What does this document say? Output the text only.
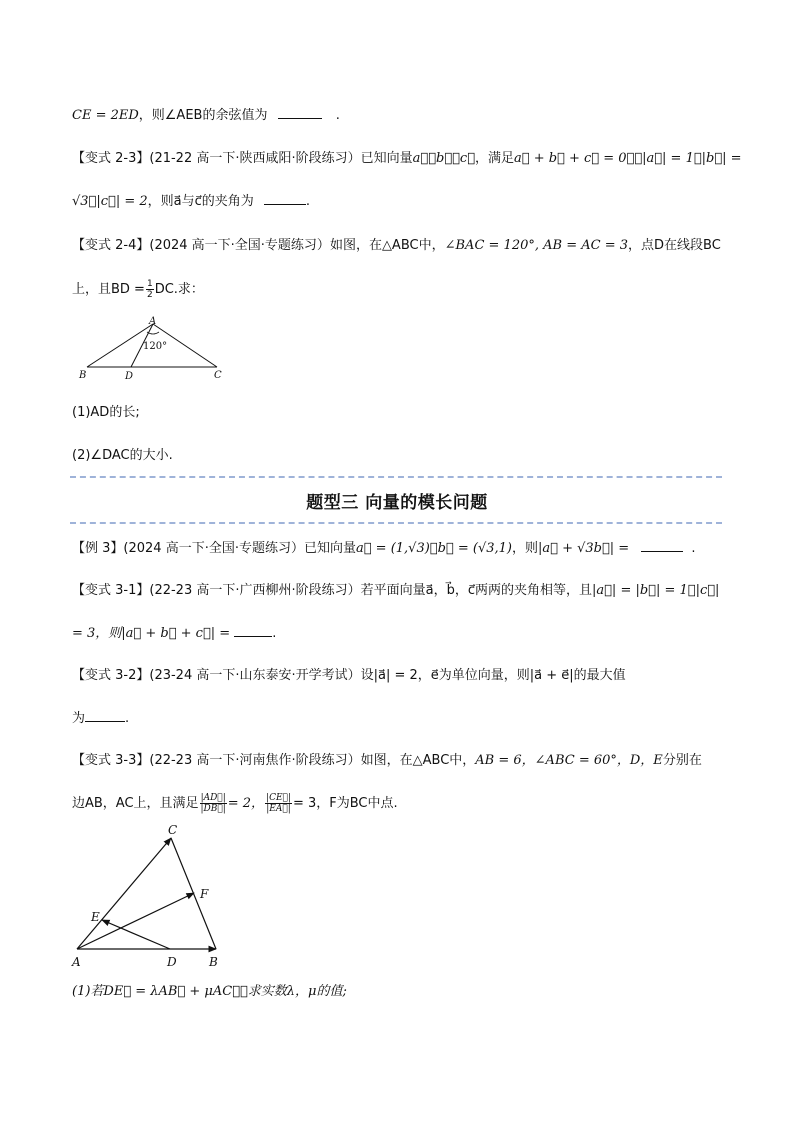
CE = 2ED，则∠AEB的余弦值为	.
【变式 2-3】(21-22 高一下·陕西咸阳·阶段练习）已知向量a⃗，b⃗，c⃗，满足a⃗ + b⃗ + c⃗ = 0⃗，|a⃗| = 1，|b⃗| =
√3，|c⃗| = 2，则a⃗与c⃗的夹角为	.
【变式 2-4】(2024 高一下·全国·专题练习）如图，在△ABC中，∠BAC = 120°, AB = AC = 3，点D在线段BC
上，且BD = $\frac{1}{2}$ DC.求：
A
120°
B	D	C
(1)AD的长;
(2)∠DAC的大小.
题型三 向量的模长问题
【例 3】(2024 高一下·全国·专题练习）已知向量a⃗ = (1,√3)，b⃗ = (√3,1)，则|a⃗ + √3b⃗| =	.
【变式 3-1】(22-23 高一下·广西柳州·阶段练习）若平面向量a⃗，b⃗，c⃗两两的夹角相等，且|a⃗| = |b⃗| = 1，|c⃗|
= 3，则|a⃗ + b⃗ + c⃗| =	.
【变式 3-2】(23-24 高一下·山东泰安·开学考试）设|a⃗| = 2，e⃗为单位向量，则|a⃗ + e⃗|的最大值
为	.
【变式 3-3】(22-23 高一下·河南焦作·阶段练习）如图，在△ABC中，AB = 6，∠ABC = 60°，D，E分别在
边AB，AC上，且满足 $\frac{|AD⃗|}{|DB⃗|} = 2$， $\frac{|CE⃗|}{|EA⃗|} = 3$，F为BC中点.
C
F
E
A	D	B
(1)若DE⃗ = λAB⃗ + μAC⃗，求实数λ，μ的值;
